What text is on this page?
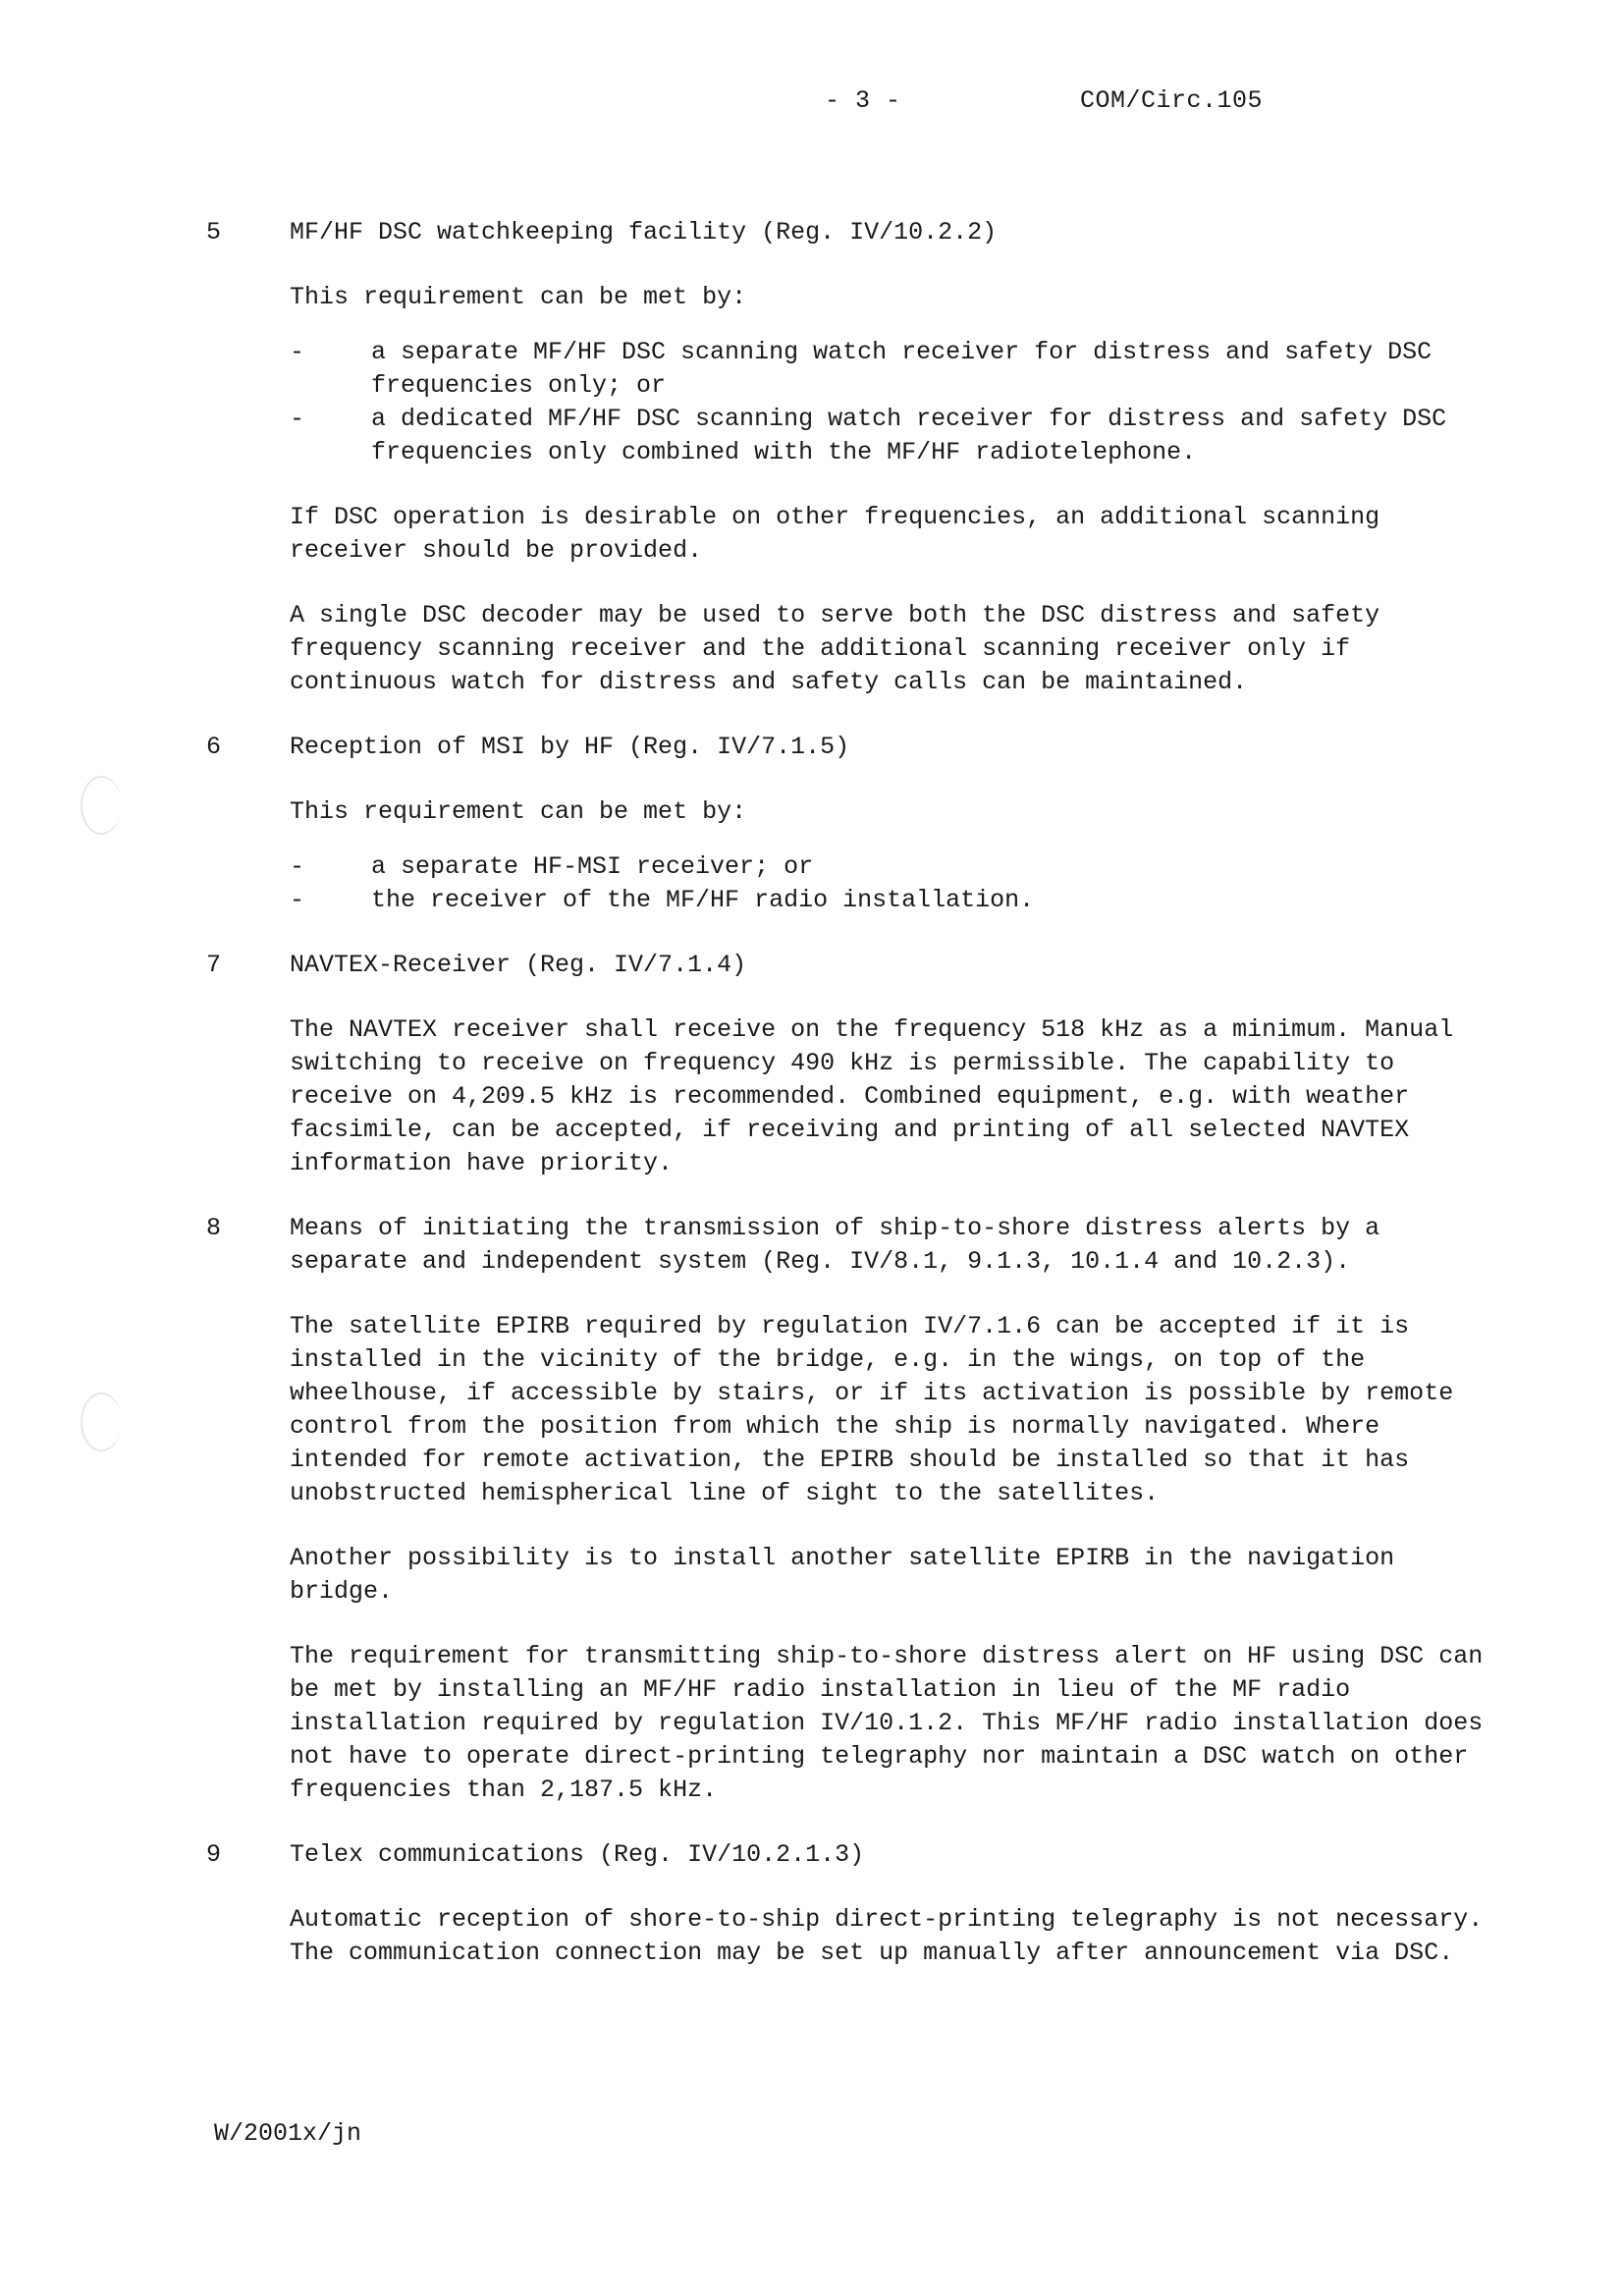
- 3 -	COM/Circ.105
5	MF/HF DSC watchkeeping facility (Reg. IV/10.2.2)

This requirement can be met by:

-	a separate MF/HF DSC scanning watch receiver for distress and safety DSC frequencies only; or
-	a dedicated MF/HF DSC scanning watch receiver for distress and safety DSC frequencies only combined with the MF/HF radiotelephone.

If DSC operation is desirable on other frequencies, an additional scanning receiver should be provided.

A single DSC decoder may be used to serve both the DSC distress and safety frequency scanning receiver and the additional scanning receiver only if continuous watch for distress and safety calls can be maintained.

6	Reception of MSI by HF (Reg. IV/7.1.5)

This requirement can be met by:

-	a separate HF-MSI receiver; or
-	the receiver of the MF/HF radio installation.
7	NAVTEX-Receiver (Reg. IV/7.1.4)

The NAVTEX receiver shall receive on the frequency 518 kHz as a minimum. Manual switching to receive on frequency 490 kHz is permissible. The capability to receive on 4,209.5 kHz is recommended. Combined equipment, e.g. with weather facsimile, can be accepted, if receiving and printing of all selected NAVTEX information have priority.

8	Means of initiating the transmission of ship-to-shore distress alerts by a separate and independent system (Reg. IV/8.1, 9.1.3, 10.1.4 and 10.2.3).

The satellite EPIRB required by regulation IV/7.1.6 can be accepted if it is installed in the vicinity of the bridge, e.g. in the wings, on top of the wheelhouse, if accessible by stairs, or if its activation is possible by remote control from the position from which the ship is normally navigated. Where intended for remote activation, the EPIRB should be installed so that it has unobstructed hemispherical line of sight to the satellites.

Another possibility is to install another satellite EPIRB in the navigation bridge.

The requirement for transmitting ship-to-shore distress alert on HF using DSC can be met by installing an MF/HF radio installation in lieu of the MF radio installation required by regulation IV/10.1.2. This MF/HF radio installation does not have to operate direct-printing telegraphy nor maintain a DSC watch on other frequencies than 2,187.5 kHz.

9	Telex communications (Reg. IV/10.2.1.3)

Automatic reception of shore-to-ship direct-printing telegraphy is not necessary. The communication connection may be set up manually after announcement via DSC.

W/2001x/jn
